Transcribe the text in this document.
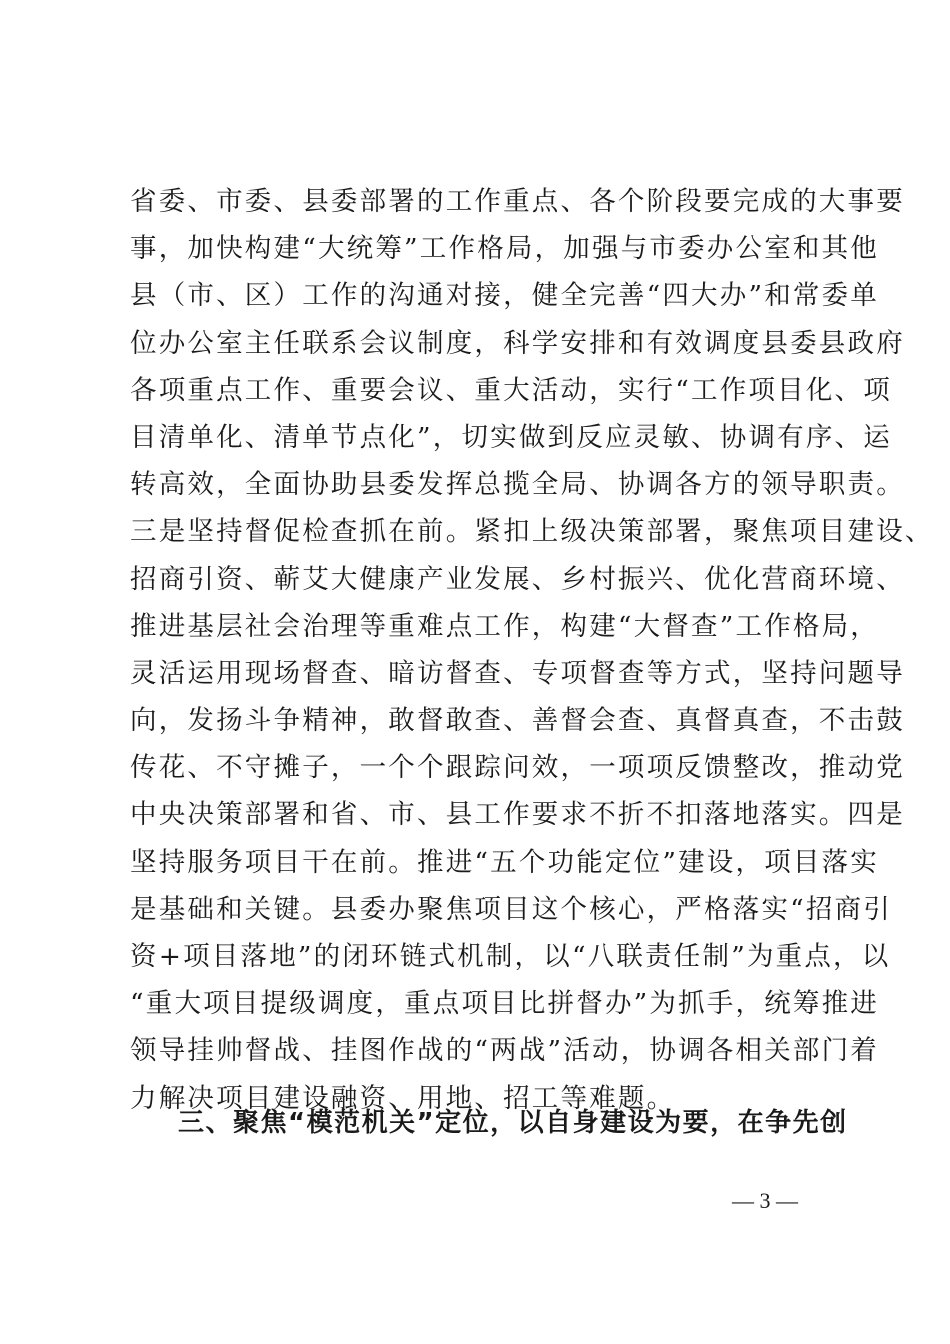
省委、市委、县委部署的工作重点、各个阶段要完成的大事要
事，加快构建“大统筹”工作格局，加强与市委办公室和其他
县（市、区）工作的沟通对接，健全完善“四大办”和常委单
位办公室主任联系会议制度，科学安排和有效调度县委县政府
各项重点工作、重要会议、重大活动，实行“工作项目化、项
目清单化、清单节点化”，切实做到反应灵敏、协调有序、运
转高效，全面协助县委发挥总揽全局、协调各方的领导职责。
三是坚持督促检查抓在前。紧扣上级决策部署，聚焦项目建设、
招商引资、蕲艾大健康产业发展、乡村振兴、优化营商环境、
推进基层社会治理等重难点工作，构建“大督查”工作格局，
灵活运用现场督查、暗访督查、专项督查等方式，坚持问题导
向，发扬斗争精神，敢督敢查、善督会查、真督真查，不击鼓
传花、不守摊子，一个个跟踪问效，一项项反馈整改，推动党
中央决策部署和省、市、县工作要求不折不扣落地落实。四是
坚持服务项目干在前。推进“五个功能定位”建设，项目落实
是基础和关键。县委办聚焦项目这个核心，严格落实“招商引
资+项目落地”的闭环链式机制，以“八联责任制”为重点，以
“重大项目提级调度，重点项目比拼督办”为抓手，统筹推进
领导挂帅督战、挂图作战的“两战”活动，协调各相关部门着
力解决项目建设融资、用地、招工等难题。
三、聚焦“模范机关”定位，以自身建设为要，在争先创
— 3 —
